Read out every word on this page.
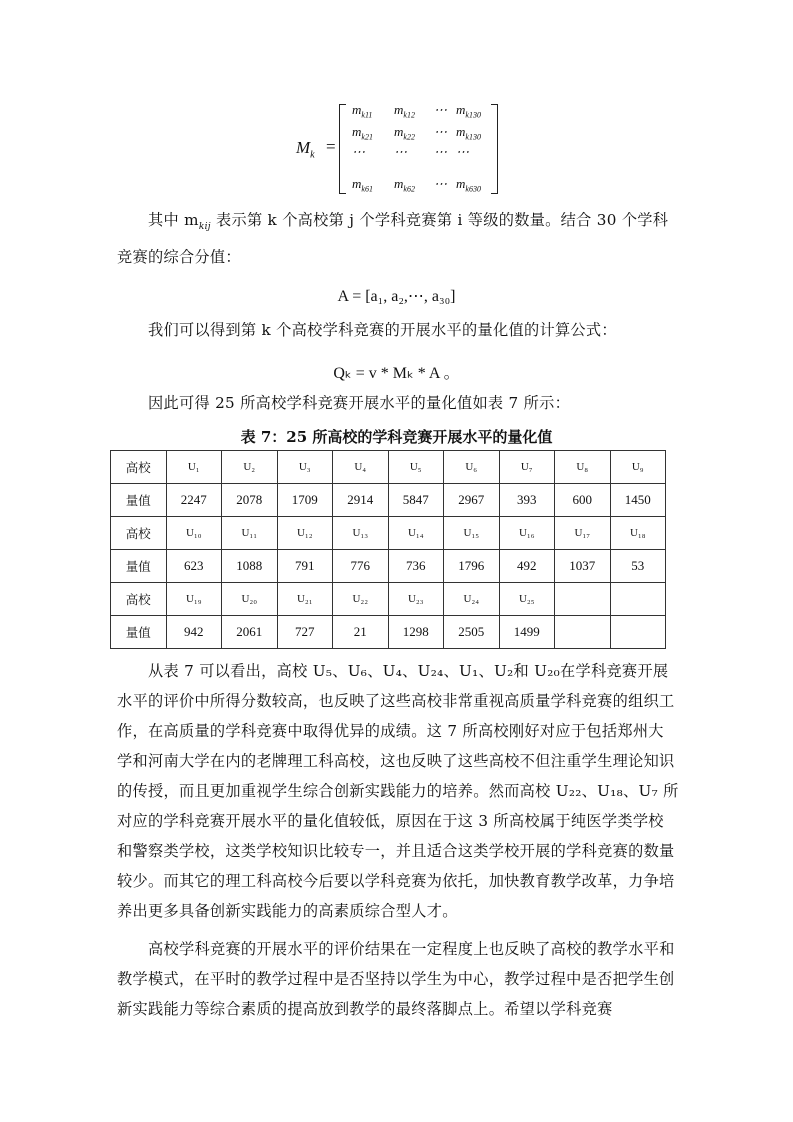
$M_k$ =
$m_{k11}$ $m_{k12}$ ⋯ $m_{k130}$
$m_{k21}$ $m_{k22}$ ⋯ $m_{k130}$
⋯ ⋯ ⋯ ⋯
$m_{k61}$ $m_{k62}$ ⋯ $m_{k630}$

其中 $m_{kij}$ 表示第 k 个高校第 j 个学科竞赛第 i 等级的数量。结合 30 个学科竞赛的综合分值：

A = [a₁, a₂,⋯, a₃₀]

我们可以得到第 k 个高校学科竞赛的开展水平的量化值的计算公式：

Qₖ = v * Mₖ * A 。

因此可得 25 所高校学科竞赛开展水平的量化值如表 7 所示：

表 7：25 所高校的学科竞赛开展水平的量化值
高校	U₁	U₂	U₃	U₄	U₅	U₆	U₇	U₈	U₉
量值	2247	2078	1709	2914	5847	2967	393	600	1450
高校	U₁₀	U₁₁	U₁₂	U₁₃	U₁₄	U₁₅	U₁₆	U₁₇	U₁₈
量值	623	1088	791	776	736	1796	492	1037	53
高校	U₁₉	U₂₀	U₂₁	U₂₂	U₂₃	U₂₄	U₂₅		
量值	942	2061	727	21	1298	2505	1499		

从表 7 可以看出，高校 U₅、U₆、U₄、U₂₄、U₁、U₂和 U₂₀在学科竞赛开展水平的评价中所得分数较高，也反映了这些高校非常重视高质量学科竞赛的组织工作，在高质量的学科竞赛中取得优异的成绩。这 7 所高校刚好对应于包括郑州大学和河南大学在内的老牌理工科高校，这也反映了这些高校不但注重学生理论知识的传授，而且更加重视学生综合创新实践能力的培养。然而高校 U₂₂、U₁₈、U₇ 所对应的学科竞赛开展水平的量化值较低，原因在于这 3 所高校属于纯医学类学校和警察类学校，这类学校知识比较专一，并且适合这类学校开展的学科竞赛的数量较少。而其它的理工科高校今后要以学科竞赛为依托，加快教育教学改革，力争培养出更多具备创新实践能力的高素质综合型人才。

高校学科竞赛的开展水平的评价结果在一定程度上也反映了高校的教学水平和教学模式，在平时的教学过程中是否坚持以学生为中心，教学过程中是否把学生创新实践能力等综合素质的提高放到教学的最终落脚点上。希望以学科竞赛
